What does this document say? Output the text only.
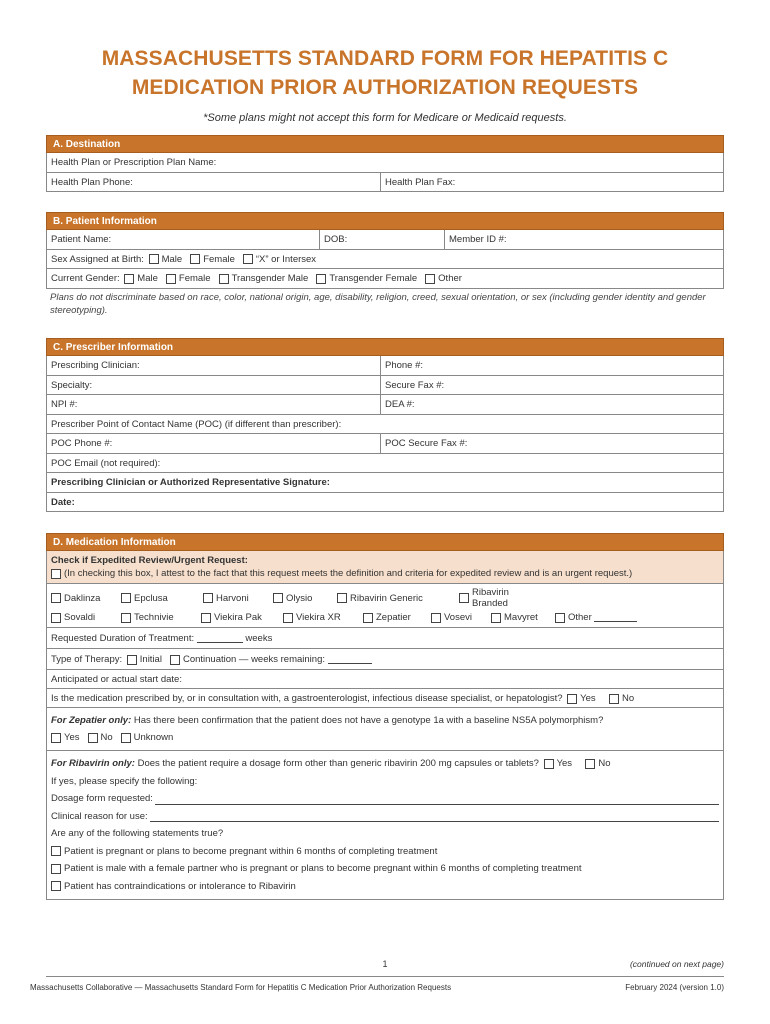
MASSACHUSETTS STANDARD FORM FOR HEPATITIS C
MEDICATION PRIOR AUTHORIZATION REQUESTS
*Some plans might not accept this form for Medicare or Medicaid requests.
A. Destination
Health Plan or Prescription Plan Name:
Health Plan Phone:	Health Plan Fax:
B. Patient Information
Patient Name:	DOB:	Member ID #:
Sex Assigned at Birth:
Male Female “X” or Intersex
Current Gender:
Male Female Transgender Male Transgender Female Other
Plans do not discriminate based on race, color, national origin, age, disability, religion, creed, sexual orientation, or sex (including gender identity and gender stereotyping).
C. Prescriber Information
Prescribing Clinician:	Phone #:
Specialty:	Secure Fax #:
NPI #:	DEA #:
Prescriber Point of Contact Name (POC) (if different than prescriber):
POC Phone #:	POC Secure Fax #:
POC Email (not required):
Prescribing Clinician or Authorized Representative Signature:
Date:
D. Medication Information
Check if Expedited Review/Urgent Request:
(In checking this box, I attest to the fact that this request meets the definition and criteria for expedited review and is an urgent request.)
Daklinza	Epclusa	Harvoni	Olysio	Ribavirin Generic	Ribavirin Branded
Sovaldi	Technivie	Viekira Pak	Viekira XR	Zepatier	Vosevi	Mavyret	Other

Requested Duration of Treatment:

	weeks
Type of Therapy:
Initial Continuation — weeks remaining:

Anticipated or actual start date:
Is the medication prescribed by, or in consultation with, a gastroenterologist, infectious disease specialist, or hepatologist?
Yes
	No
For Zepatier only: Has there been confirmation that the patient does not have a genotype 1a with a baseline NS5A polymorphism?
Yes No Unknown
For Ribavirin only:
Does the patient require a dosage form other than generic ribavirin 200 mg capsules or tablets?
Yes
	No
If yes, please specify the following:
Dosage form requested:
Clinical reason for use:
Are any of the following statements true?
Patient is pregnant or plans to become pregnant within 6 months of completing treatment
Patient is male with a female partner who is pregnant or plans to become pregnant within 6 months of completing treatment
Patient has contraindications or intolerance to Ribavirin
1	(continued on next page)
Massachusetts Collaborative — Massachusetts Standard Form for Hepatitis C Medication Prior Authorization Requests	February 2024 (version 1.0)
